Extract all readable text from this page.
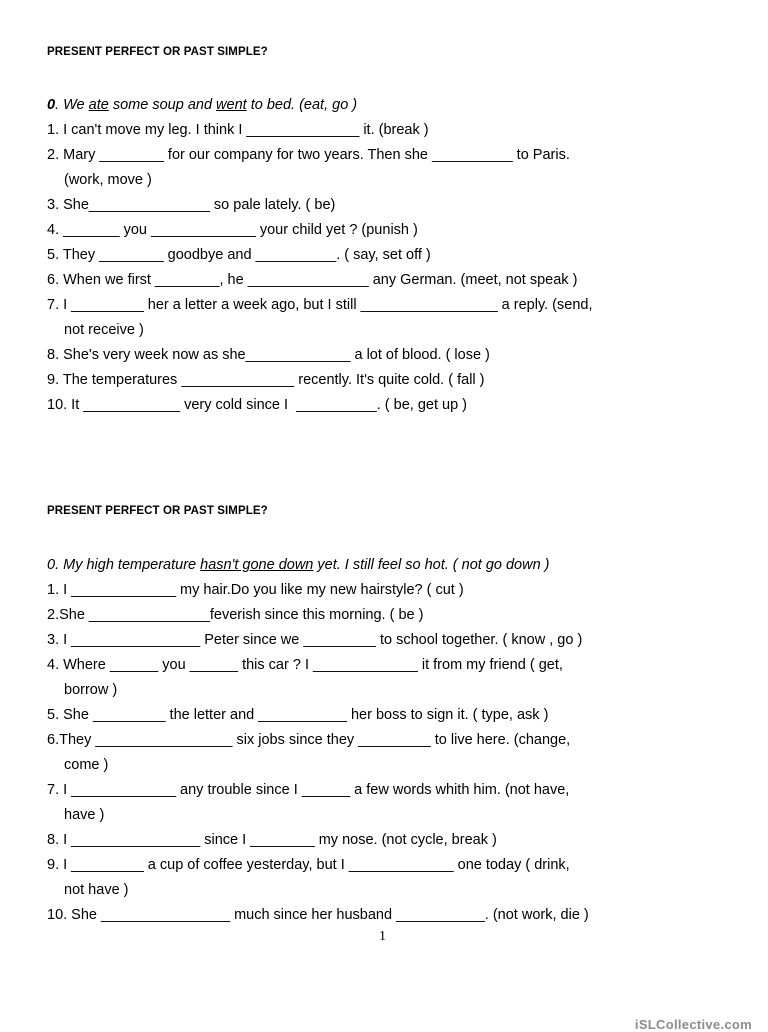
PRESENT PERFECT OR PAST SIMPLE?
0. We ate some soup and went to bed. (eat, go )
1. I can't move my leg. I think I ______________ it. (break )
2. Mary ________ for our company for two years. Then she __________ to Paris.
(work, move )
3. She_______________ so pale lately. ( be)
4. _______ you _____________ your child yet ? (punish )
5. They ________ goodbye and __________. ( say, set off )
6. When we first ________, he _______________ any German. (meet, not speak )
7. I _________ her a letter a week ago, but I still _________________ a reply. (send,
not receive )
8. She's very week now as she_____________ a lot of blood. ( lose )
9. The temperatures ______________ recently. It's quite cold. ( fall )
10. It ____________ very cold since I  __________. ( be, get up )
PRESENT PERFECT OR PAST SIMPLE?
0. My high temperature hasn't gone down yet. I still feel so hot. ( not go down )
1. I _____________ my hair.Do you like my new hairstyle? ( cut )
2.She _______________feverish since this morning. ( be )
3. I ________________ Peter since we _________ to school together. ( know , go )
4. Where ______ you ______ this car ? I _____________ it from my friend ( get,
borrow )
5. She _________ the letter and ___________ her boss to sign it. ( type, ask )
6.They _________________ six jobs since they _________ to live here. (change,
come )
7. I _____________ any trouble since I ______ a few words whith him. (not have,
have )
8. I ________________ since I ________ my nose. (not cycle, break )
9. I _________ a cup of coffee yesterday, but I _____________ one today ( drink,
not have )
10. She ________________ much since her husband ___________. (not work, die )
1
iSLCollective.com
